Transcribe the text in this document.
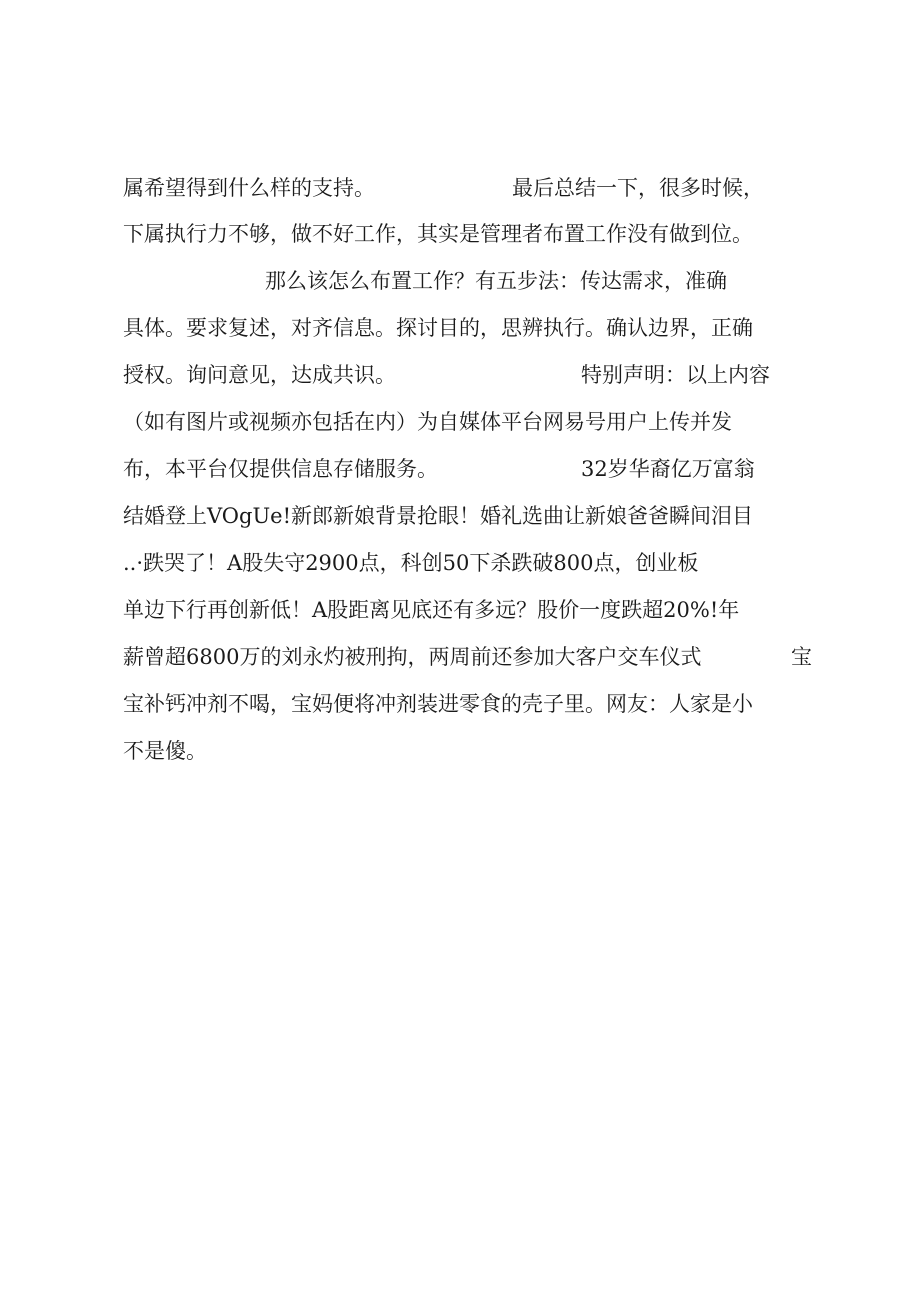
属希望得到什么样的支持。

	最后总结一下，很多时候，

下属执行力不够，做不好工作，其实是管理者布置工作没有做到位。

那么该怎么布置工作？有五步法：传达需求，准确

具体。要求复述，对齐信息。探讨目的，思辨执行。确认边界，正确

授权。询问意见，达成共识。

	特别声明：以上内容

（如有图片或视频亦包括在内）为自媒体平台网易号用户上传并发

布，本平台仅提供信息存储服务。

	32岁华裔亿万富翁

结婚登上VOgUe!新郎新娘背景抢眼！婚礼选曲让新娘爸爸瞬间泪目

..·跌哭了！A股失守2900点，科创50下杀跌破800点，创业板

单边下行再创新低！A股距离见底还有多远？股价一度跌超20%!年

薪曾超6800万的刘永灼被刑拘，两周前还参加大客户交车仪式

	宝

宝补钙冲剂不喝，宝妈便将冲剂装进零食的壳子里。网友：人家是小

不是傻。
